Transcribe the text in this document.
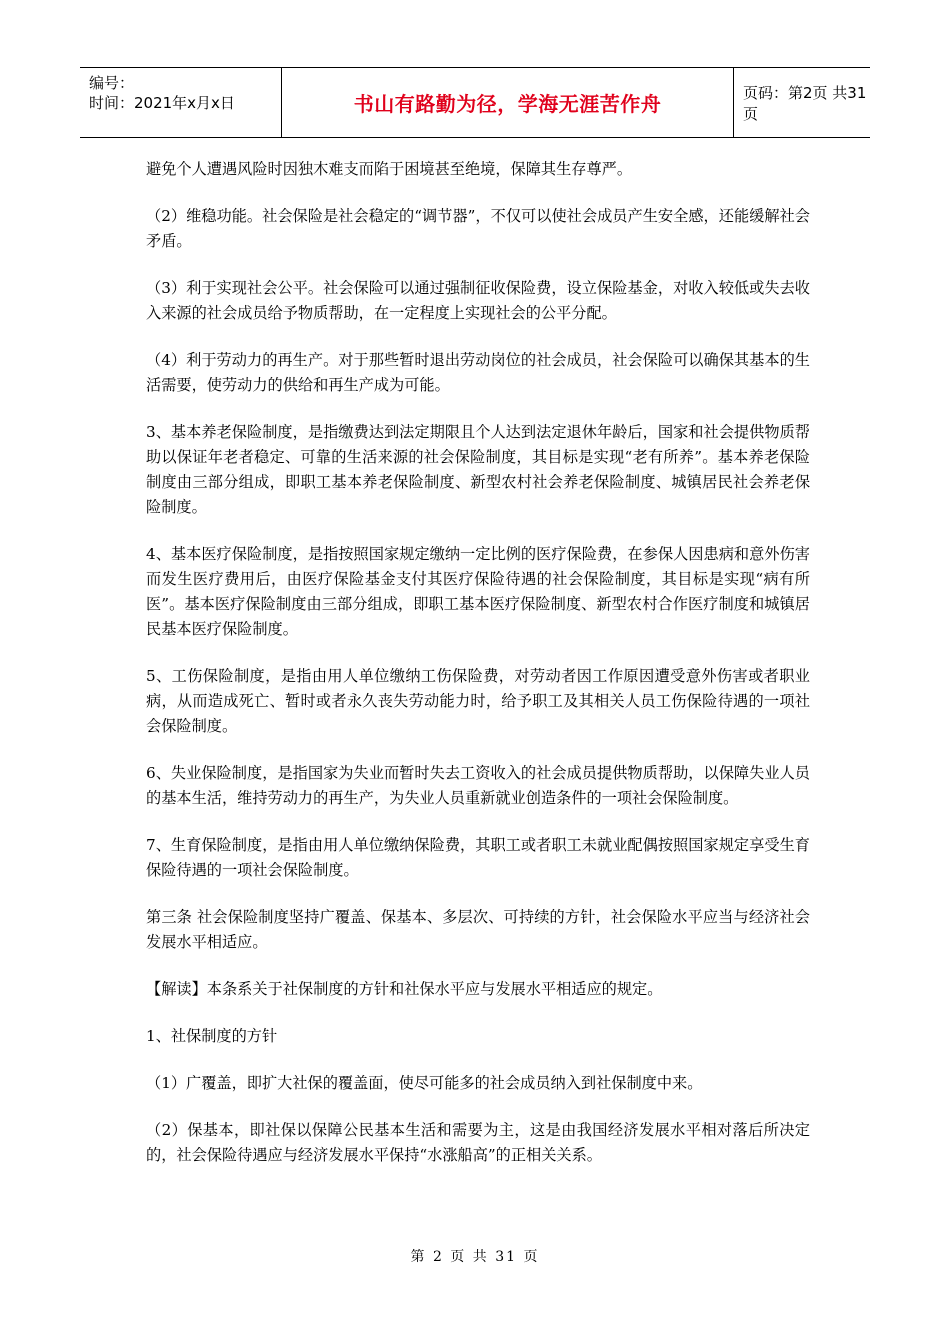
编号：
时间：2021年x月x日	书山有路勤为径，学海无涯苦作舟	页码：第2页 共31页

避免个人遭遇风险时因独木难支而陷于困境甚至绝境，保障其生存尊严。

（2）维稳功能。社会保险是社会稳定的“调节器”，不仅可以使社会成员产生安全感，还能缓解社会矛盾。

（3）利于实现社会公平。社会保险可以通过强制征收保险费，设立保险基金，对收入较低或失去收入来源的社会成员给予物质帮助，在一定程度上实现社会的公平分配。

（4）利于劳动力的再生产。对于那些暂时退出劳动岗位的社会成员，社会保险可以确保其基本的生活需要，使劳动力的供给和再生产成为可能。

3、基本养老保险制度，是指缴费达到法定期限且个人达到法定退休年龄后，国家和社会提供物质帮助以保证年老者稳定、可靠的生活来源的社会保险制度，其目标是实现“老有所养”。基本养老保险制度由三部分组成，即职工基本养老保险制度、新型农村社会养老保险制度、城镇居民社会养老保险制度。

4、基本医疗保险制度，是指按照国家规定缴纳一定比例的医疗保险费，在参保人因患病和意外伤害而发生医疗费用后，由医疗保险基金支付其医疗保险待遇的社会保险制度，其目标是实现“病有所医”。基本医疗保险制度由三部分组成，即职工基本医疗保险制度、新型农村合作医疗制度和城镇居民基本医疗保险制度。

5、工伤保险制度，是指由用人单位缴纳工伤保险费，对劳动者因工作原因遭受意外伤害或者职业病，从而造成死亡、暂时或者永久丧失劳动能力时，给予职工及其相关人员工伤保险待遇的一项社会保险制度。

6、失业保险制度，是指国家为失业而暂时失去工资收入的社会成员提供物质帮助，以保障失业人员的基本生活，维持劳动力的再生产，为失业人员重新就业创造条件的一项社会保险制度。

7、生育保险制度，是指由用人单位缴纳保险费，其职工或者职工未就业配偶按照国家规定享受生育保险待遇的一项社会保险制度。

第三条 社会保险制度坚持广覆盖、保基本、多层次、可持续的方针，社会保险水平应当与经济社会发展水平相适应。

【解读】本条系关于社保制度的方针和社保水平应与发展水平相适应的规定。

1、社保制度的方针

（1）广覆盖，即扩大社保的覆盖面，使尽可能多的社会成员纳入到社保制度中来。

（2）保基本，即社保以保障公民基本生活和需要为主，这是由我国经济发展水平相对落后所决定的，社会保险待遇应与经济发展水平保持“水涨船高”的正相关关系。

第 2 页 共 31 页
